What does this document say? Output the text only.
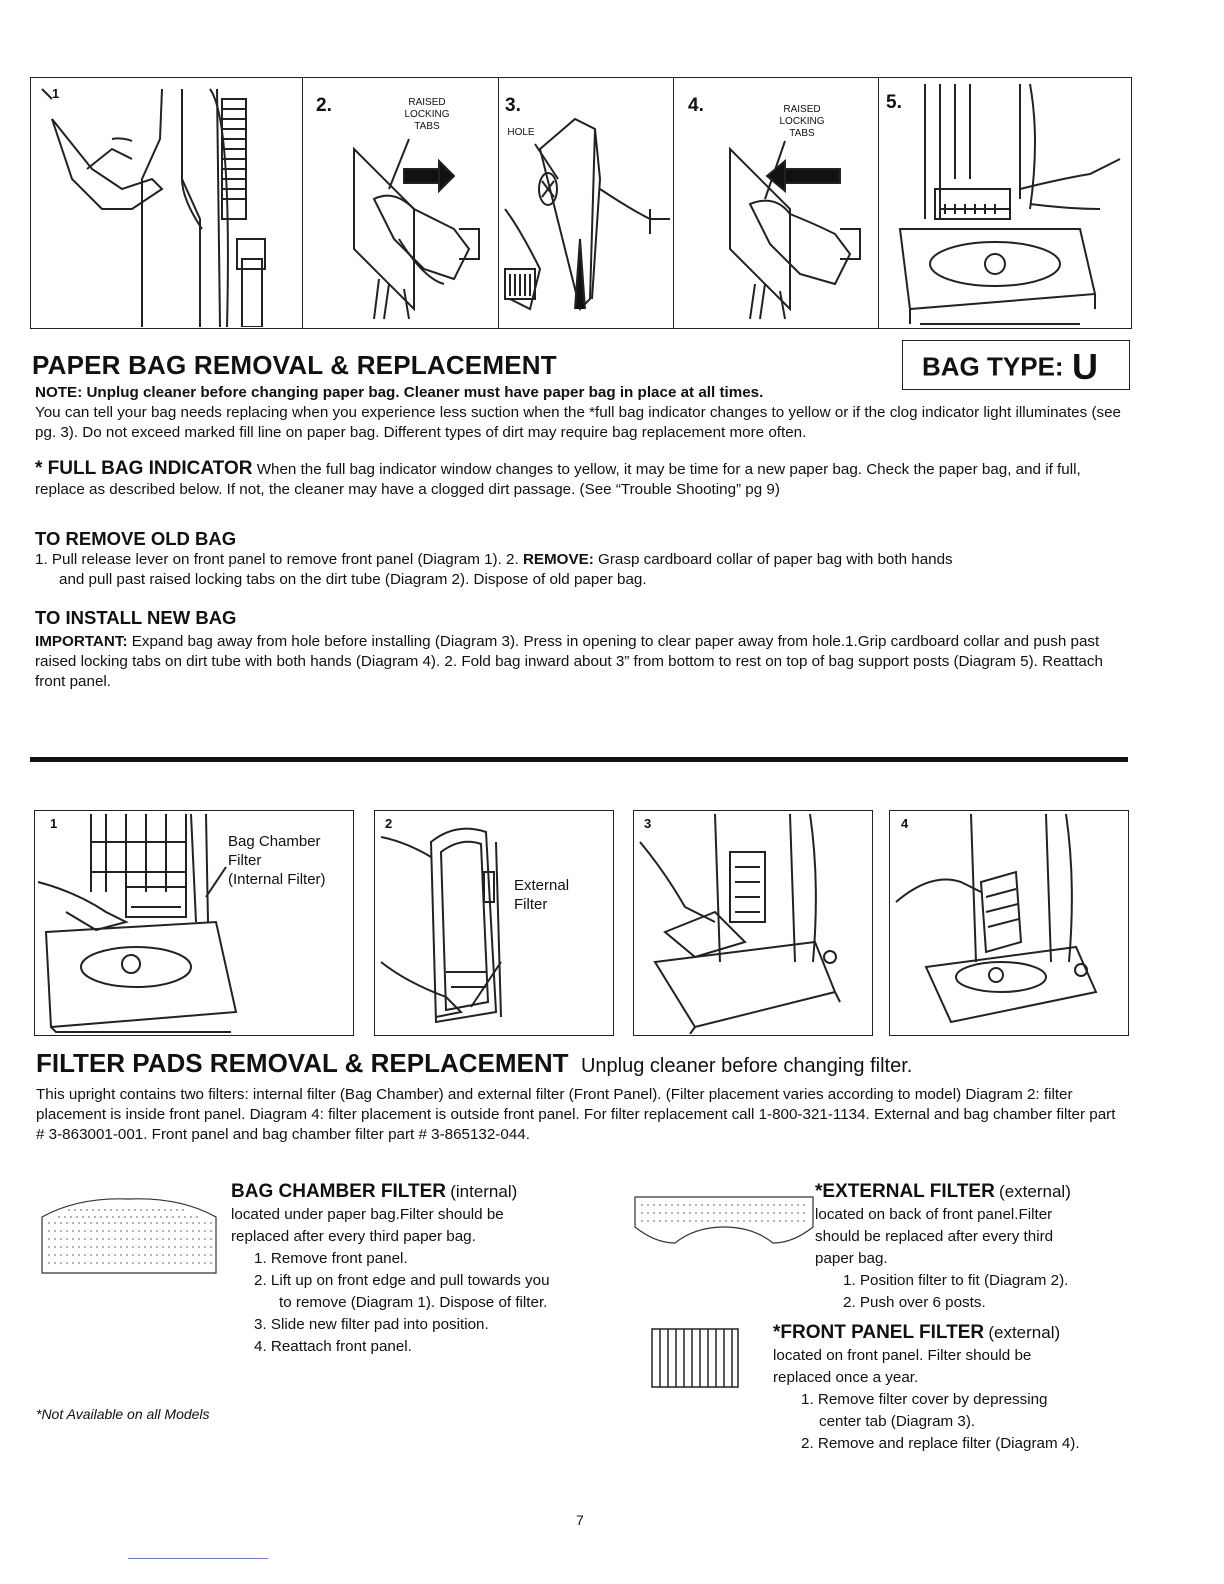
1
2.	RAISED LOCKING TABS
3.
HOLE
4.	RAISED LOCKING TABS
5.
PAPER BAG REMOVAL & REPLACEMENT	BAG TYPE: U
NOTE: Unplug cleaner before changing paper bag. Cleaner must have paper bag in place at all times.
You can tell your bag needs replacing when you experience less suction when the *full bag indicator changes to yellow or if the clog indicator light illuminates (see pg. 3). Do not exceed marked fill line on paper bag. Different types of dirt may require bag replacement more often.
* FULL BAG INDICATOR When the full bag indicator window changes to yellow, it may be time for a new paper bag. Check the paper bag, and if full, replace as described below. If not, the cleaner may have a clogged dirt passage. (See “Trouble Shooting” pg 9)
TO REMOVE OLD BAG
1. Pull release lever on front panel to remove front panel (Diagram 1). 2. REMOVE: Grasp cardboard collar of paper bag with both hands
and pull past raised locking tabs on the dirt tube (Diagram 2). Dispose of old paper bag.
TO INSTALL NEW BAG
IMPORTANT: Expand bag away from hole before installing (Diagram 3). Press in opening to clear paper away from hole.1.Grip cardboard collar and push past raised locking tabs on dirt tube with both hands (Diagram 4). 2. Fold bag inward about 3” from bottom to rest on top of bag support posts (Diagram 5). Reattach front panel.
1	2	3	4
Bag Chamber
Filter
(Internal Filter)	External
Filter
FILTER PADS REMOVAL & REPLACEMENT Unplug cleaner before changing filter.
This upright contains two filters: internal filter (Bag Chamber) and external filter (Front Panel). (Filter placement varies according to model) Diagram 2: filter placement is inside front panel. Diagram 4: filter placement is outside front panel. For filter replacement call 1-800-321-1134. External and bag chamber filter part # 3-863001-001. Front panel and bag chamber filter part # 3-865132-044.
BAG CHAMBER FILTER (internal)
located under paper bag.Filter should be
replaced after every third paper bag.
1. Remove front panel.
2. Lift up on front edge and pull towards you
to remove (Diagram 1). Dispose of filter.
3. Slide new filter pad into position.
4. Reattach front panel.
*EXTERNAL FILTER (external)
located on back of front panel.Filter
should be replaced after every third
paper bag.
1. Position filter to fit (Diagram 2).
2. Push over 6 posts.
*FRONT PANEL FILTER (external)
located on front panel. Filter should be
replaced once a year.
1. Remove filter cover by depressing
center tab (Diagram 3).
2. Remove and replace filter (Diagram 4).
*Not Available on all Models
7
